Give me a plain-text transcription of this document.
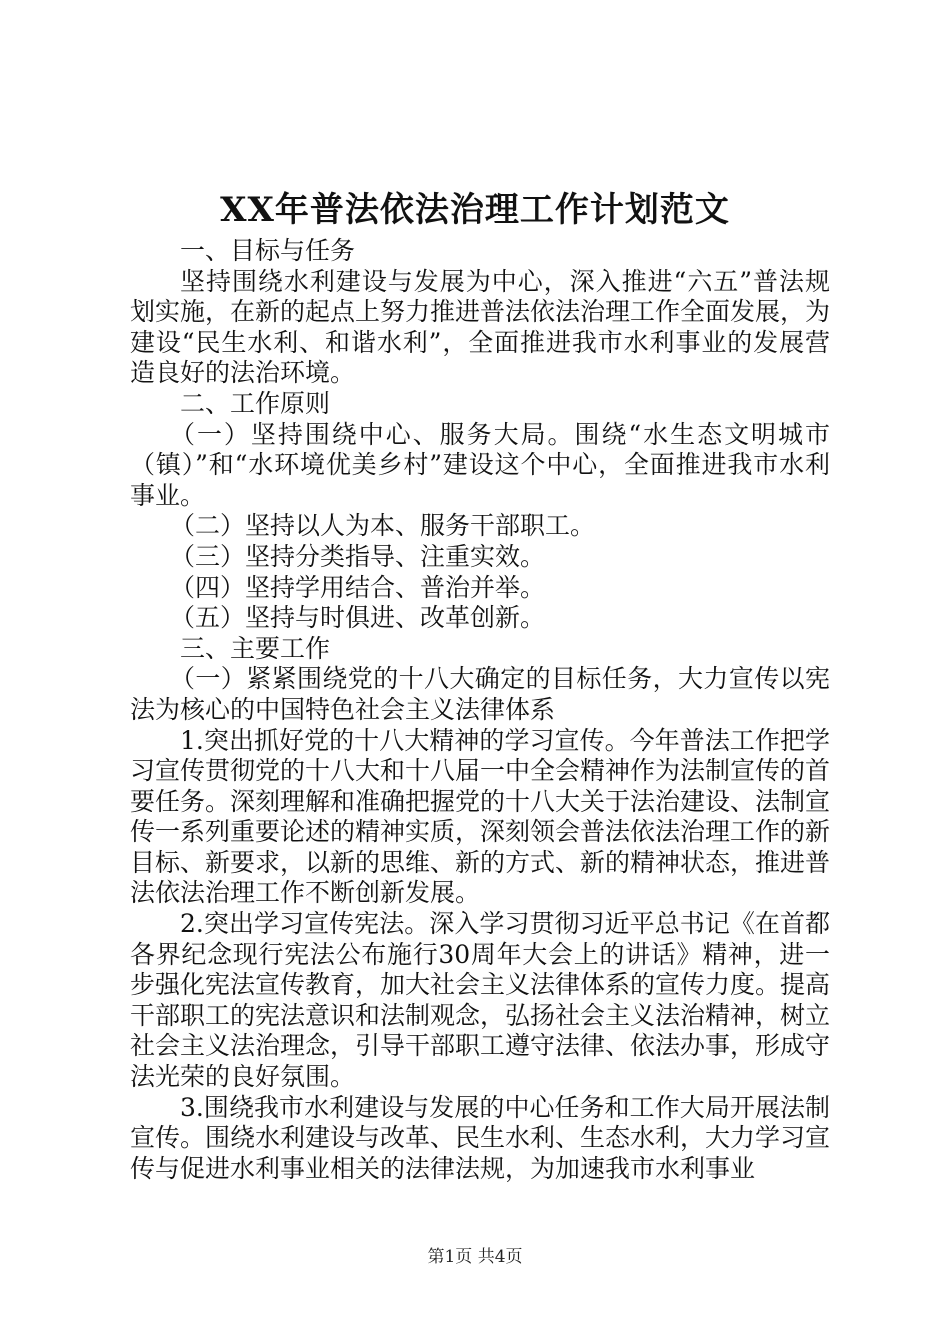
XX年普法依法治理工作计划范文

一、目标与任务

坚持围绕水利建设与发展为中心，深入推进“六五”普法规划实施，在新的起点上努力推进普法依法治理工作全面发展，为建设“民生水利、和谐水利”，全面推进我市水利事业的发展营造良好的法治环境。

二、工作原则

（一）坚持围绕中心、服务大局。围绕“水生态文明城市（镇）”和“水环境优美乡村”建设这个中心，全面推进我市水利事业。

（二）坚持以人为本、服务干部职工。

（三）坚持分类指导、注重实效。

（四）坚持学用结合、普治并举。

（五）坚持与时俱进、改革创新。

三、主要工作

（一）紧紧围绕党的十八大确定的目标任务，大力宣传以宪法为核心的中国特色社会主义法律体系

1.突出抓好党的十八大精神的学习宣传。今年普法工作把学习宣传贯彻党的十八大和十八届一中全会精神作为法制宣传的首要任务。深刻理解和准确把握党的十八大关于法治建设、法制宣传一系列重要论述的精神实质，深刻领会普法依法治理工作的新目标、新要求，以新的思维、新的方式、新的精神状态，推进普法依法治理工作不断创新发展。

2.突出学习宣传宪法。深入学习贯彻习近平总书记《在首都各界纪念现行宪法公布施行30周年大会上的讲话》精神，进一步强化宪法宣传教育，加大社会主义法律体系的宣传力度。提高干部职工的宪法意识和法制观念，弘扬社会主义法治精神，树立社会主义法治理念，引导干部职工遵守法律、依法办事，形成守法光荣的良好氛围。

3.围绕我市水利建设与发展的中心任务和工作大局开展法制宣传。围绕水利建设与改革、民生水利、生态水利，大力学习宣传与促进水利事业相关的法律法规，为加速我市水利事业

第1页 共4页
